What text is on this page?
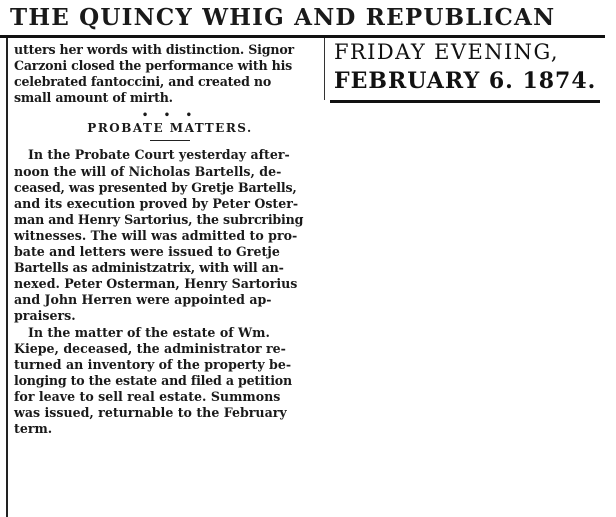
THE QUINCY WHIG AND REPUBLICAN
FRIDAY EVENING,
FEBRUARY 6. 1874.
utters her words with distinction. Signor
Carzoni closed the performance with his
celebrated fantoccini, and created no
small amount of mirth.
• • •
PROBATE MATTERS.
In the Probate Court yesterday after-
noon the will of Nicholas Bartells, de-
ceased, was presented by Gretje Bartells,
and its execution proved by Peter Oster-
man and Henry Sartorius, the subrcribing
witnesses. The will was admitted to pro-
bate and letters were issued to Gretje
Bartells as administzatrix, with will an-
nexed. Peter Osterman, Henry Sartorius
and John Herren were appointed ap-
praisers.
In the matter of the estate of Wm.
Kiepe, deceased, the administrator re-
turned an inventory of the property be-
longing to the estate and filed a petition
for leave to sell real estate. Summons
was issued, returnable to the February
term.
